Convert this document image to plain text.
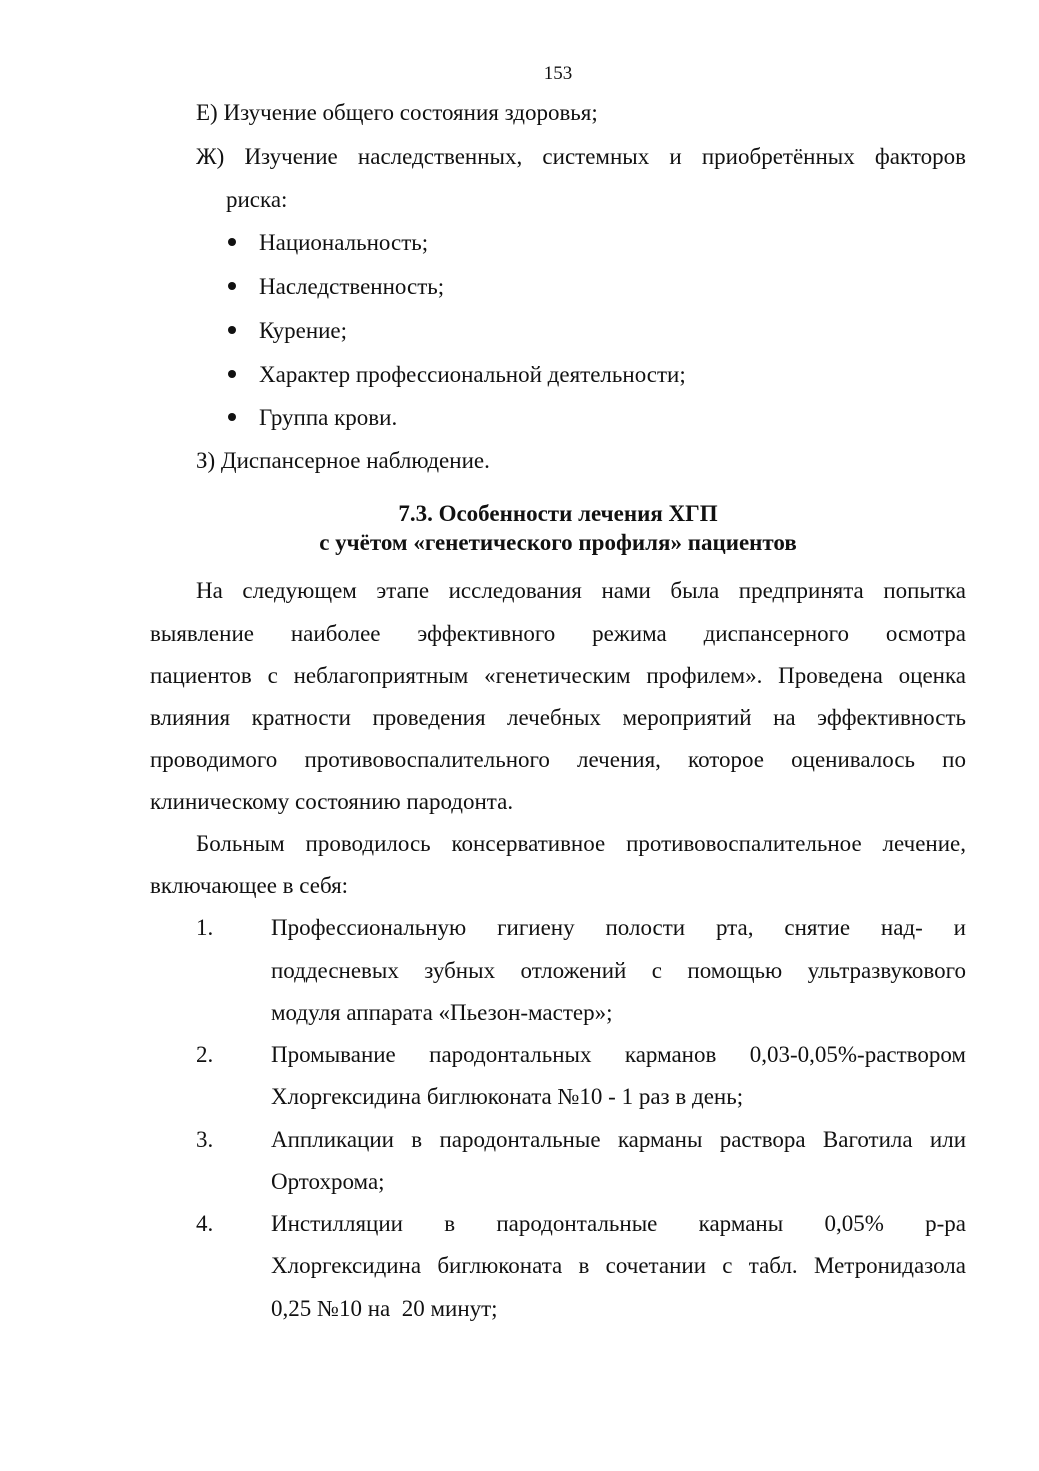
153
Е) Изучение общего состояния здоровья;
Ж) Изучение наследственных, системных и приобретённых факторов
риска:
Национальность;
Наследственность;
Курение;
Характер профессиональной деятельности;
Группа крови.
З) Диспансерное наблюдение.
7.3. Особенности лечения ХГП
с учётом «генетического профиля» пациентов
На следующем этапе исследования нами была предпринята попытка
выявление наиболее эффективного режима диспансерного осмотра
пациентов с неблагоприятным «генетическим профилем». Проведена оценка
влияния кратности проведения лечебных мероприятий на эффективность
проводимого противовоспалительного лечения, которое оценивалось по
клиническому состоянию пародонта.
Больным проводилось консервативное противовоспалительное лечение,
включающее в себя:
1.	Профессиональную гигиену полости рта, снятие над- и
поддесневых зубных отложений с помощью ультразвукового
модуля аппарата «Пьезон-мастер»;
2.	Промывание пародонтальных карманов 0,03-0,05%-раствором
Хлоргексидина биглюконата №10 - 1 раз в день;
3.	Аппликации в пародонтальные карманы раствора Ваготила или
Ортохрома;
4.	Инстилляции в пародонтальные карманы 0,05% р-ра
Хлоргексидина биглюконата в сочетании с табл. Метронидазола
0,25 №10 на  20 минут;
